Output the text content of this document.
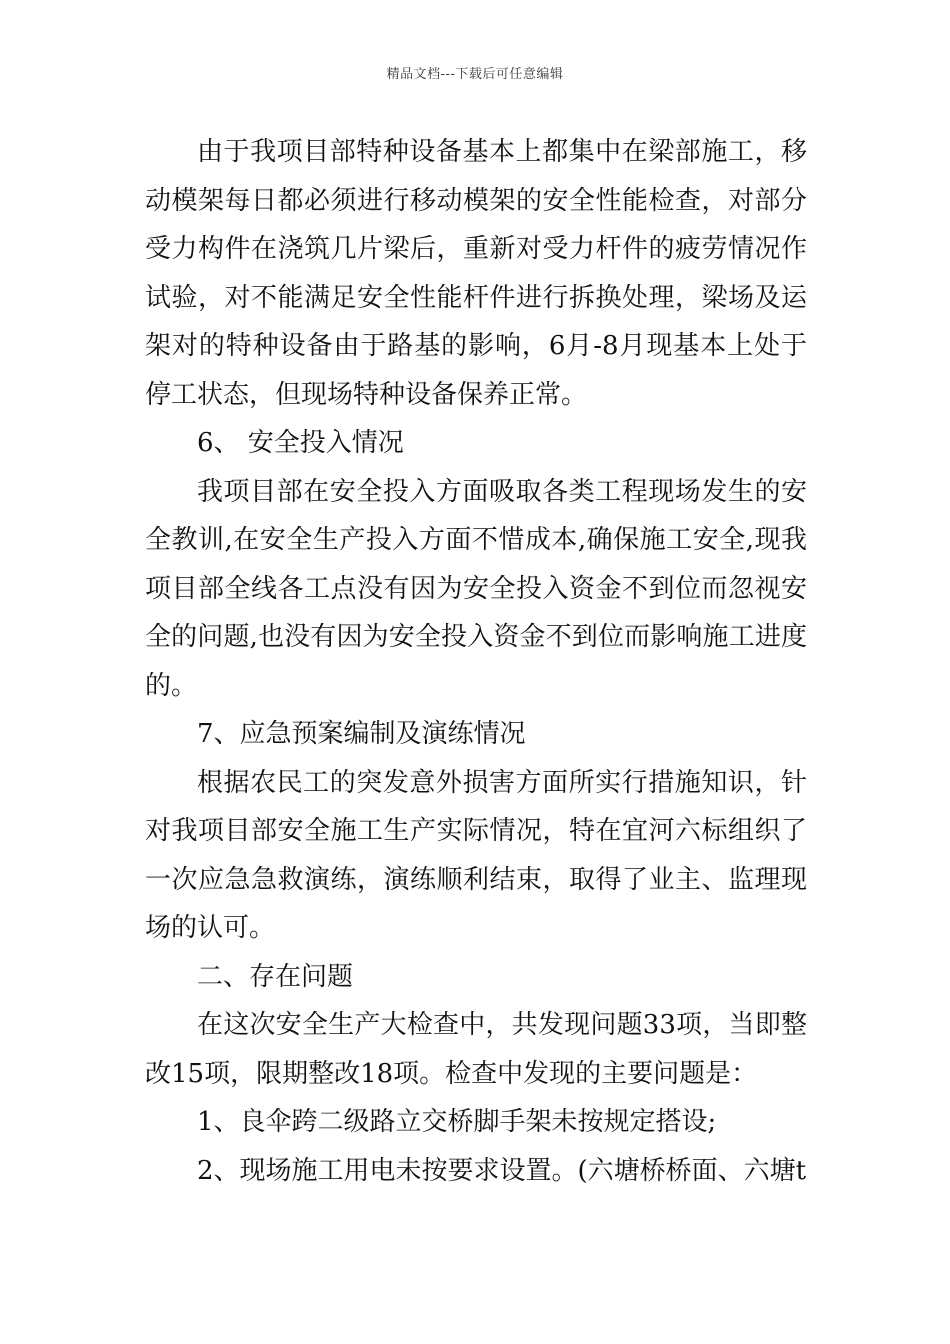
精品文档---下载后可任意编辑

由于我项目部特种设备基本上都集中在梁部施工，移动模架每日都必须进行移动模架的安全性能检查，对部分受力构件在浇筑几片梁后，重新对受力杆件的疲劳情况作试验，对不能满足安全性能杆件进行拆换处理，梁场及运架对的特种设备由于路基的影响，6月-8月现基本上处于停工状态，但现场特种设备保养正常。

6、 安全投入情况

我项目部在安全投入方面吸取各类工程现场发生的安全教训,在安全生产投入方面不惜成本,确保施工安全,现我项目部全线各工点没有因为安全投入资金不到位而忽视安全的问题,也没有因为安全投入资金不到位而影响施工进度的。

7、应急预案编制及演练情况

根据农民工的突发意外损害方面所实行措施知识，针对我项目部安全施工生产实际情况，特在宜河六标组织了一次应急急救演练，演练顺利结束，取得了业主、监理现场的认可。

二、存在问题

在这次安全生产大检查中，共发现问题33项，当即整改15项，限期整改18项。检查中发现的主要问题是：

1、良伞跨二级路立交桥脚手架未按规定搭设;

2、现场施工用电未按要求设置。(六塘桥桥面、六塘t
